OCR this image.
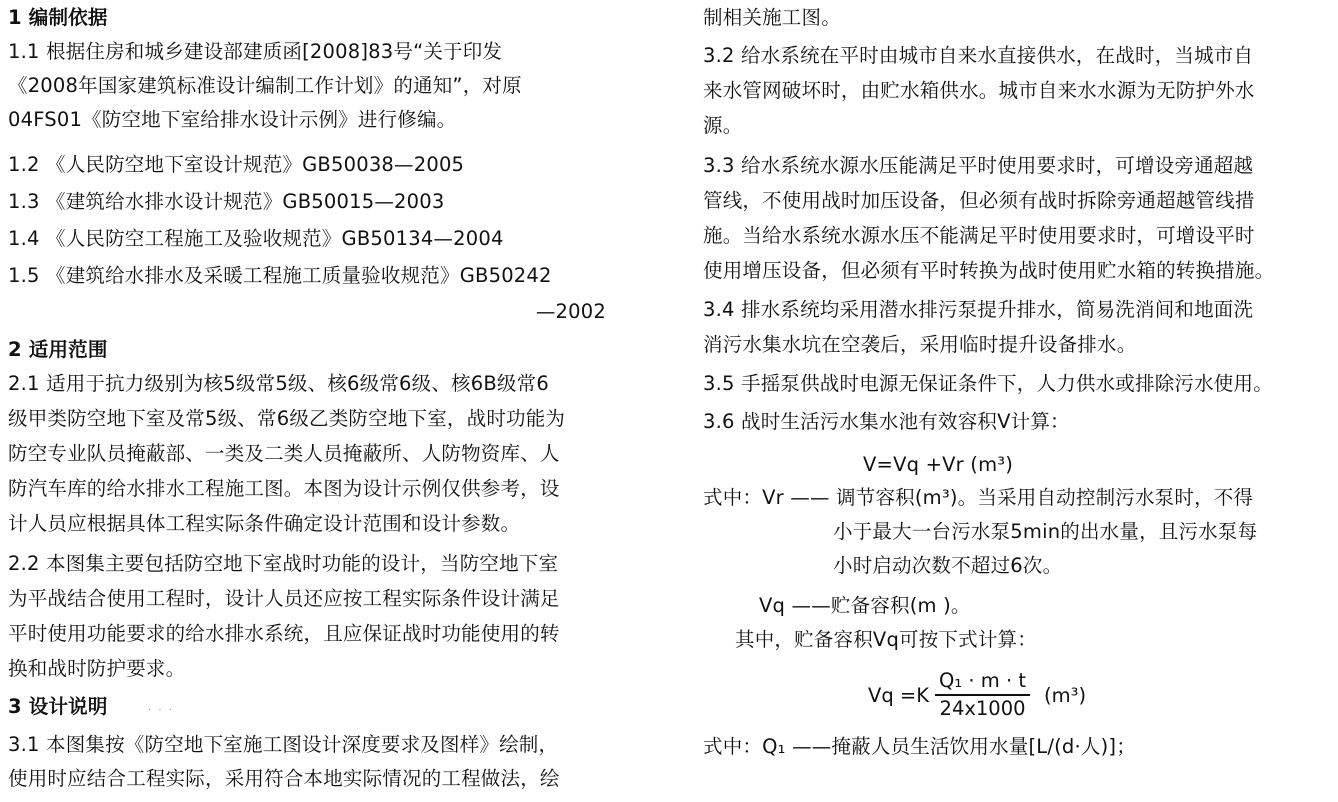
1 编制依据
1.1 根据住房和城乡建设部建质函[2008]83号“关于印发
《2008年国家建筑标准设计编制工作计划》的通知”，对原
04FS01《防空地下室给排水设计示例》进行修编。
1.2 《人民防空地下室设计规范》GB50038—2005
1.3 《建筑给水排水设计规范》GB50015—2003
1.4 《人民防空工程施工及验收规范》GB50134—2004
1.5 《建筑给水排水及采暖工程施工质量验收规范》GB50242
—2002
2 适用范围
2.1 适用于抗力级别为核5级常5级、核6级常6级、核6B级常6
级甲类防空地下室及常5级、常6级乙类防空地下室，战时功能为
防空专业队员掩蔽部、一类及二类人员掩蔽所、人防物资库、人
防汽车库的给水排水工程施工图。本图为设计示例仅供参考，设
计人员应根据具体工程实际条件确定设计范围和设计参数。
2.2 本图集主要包括防空地下室战时功能的设计，当防空地下室
为平战结合使用工程时，设计人员还应按工程实际条件设计满足
平时使用功能要求的给水排水系统，且应保证战时功能使用的转
换和战时防护要求。
3 设计说明
3.1 本图集按《防空地下室施工图设计深度要求及图样》绘制，
使用时应结合工程实际，采用符合本地实际情况的工程做法，绘
· · ·
制相关施工图。
3.2 给水系统在平时由城市自来水直接供水，在战时，当城市自
来水管网破坏时，由贮水箱供水。城市自来水水源为无防护外水
源。
3.3 给水系统水源水压能满足平时使用要求时，可增设旁通超越
管线，不使用战时加压设备，但必须有战时拆除旁通超越管线措
施。当给水系统水源水压不能满足平时使用要求时，可增设平时
使用增压设备，但必须有平时转换为战时使用贮水箱的转换措施。
3.4 排水系统均采用潜水排污泵提升排水，简易洗消间和地面洗
消污水集水坑在空袭后，采用临时提升设备排水。
3.5 手摇泵供战时电源无保证条件下，人力供水或排除污水使用。
3.6 战时生活污水集水池有效容积V计算：
V=Vq +Vr (m³)
式中：Vr —— 调节容积(m³)。当采用自动控制污水泵时，不得
小于最大一台污水泵5min的出水量，且污水泵每
小时启动次数不超过6次。
Vq ——贮备容积(m )。
其中，贮备容积Vq可按下式计算：
式中：Q₁ ——掩蔽人员生活饮用水量[L/(d·人)]；
$Vq =K \frac{\text{Q₁ · m · t}}{24x1000} (m^3)$
